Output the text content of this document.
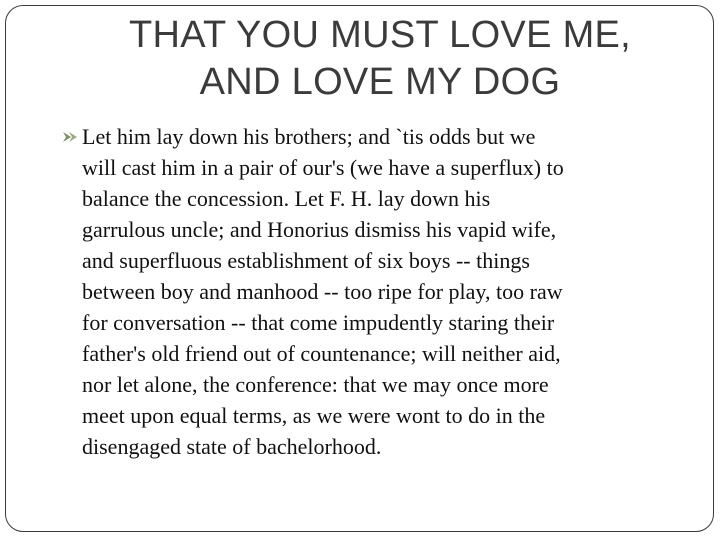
THAT YOU MUST LOVE ME,
AND LOVE MY DOG
Let him lay down his brothers; and `tis odds but we
will cast him in a pair of our's (we have a superflux) to
balance the concession. Let F. H. lay down his
garrulous uncle; and Honorius dismiss his vapid wife,
and superfluous establishment of six boys -- things
between boy and manhood -- too ripe for play, too raw
for conversation -- that come impudently staring their
father's old friend out of countenance; will neither aid,
nor let alone, the conference: that we may once more
meet upon equal terms, as we were wont to do in the
disengaged state of bachelorhood.
